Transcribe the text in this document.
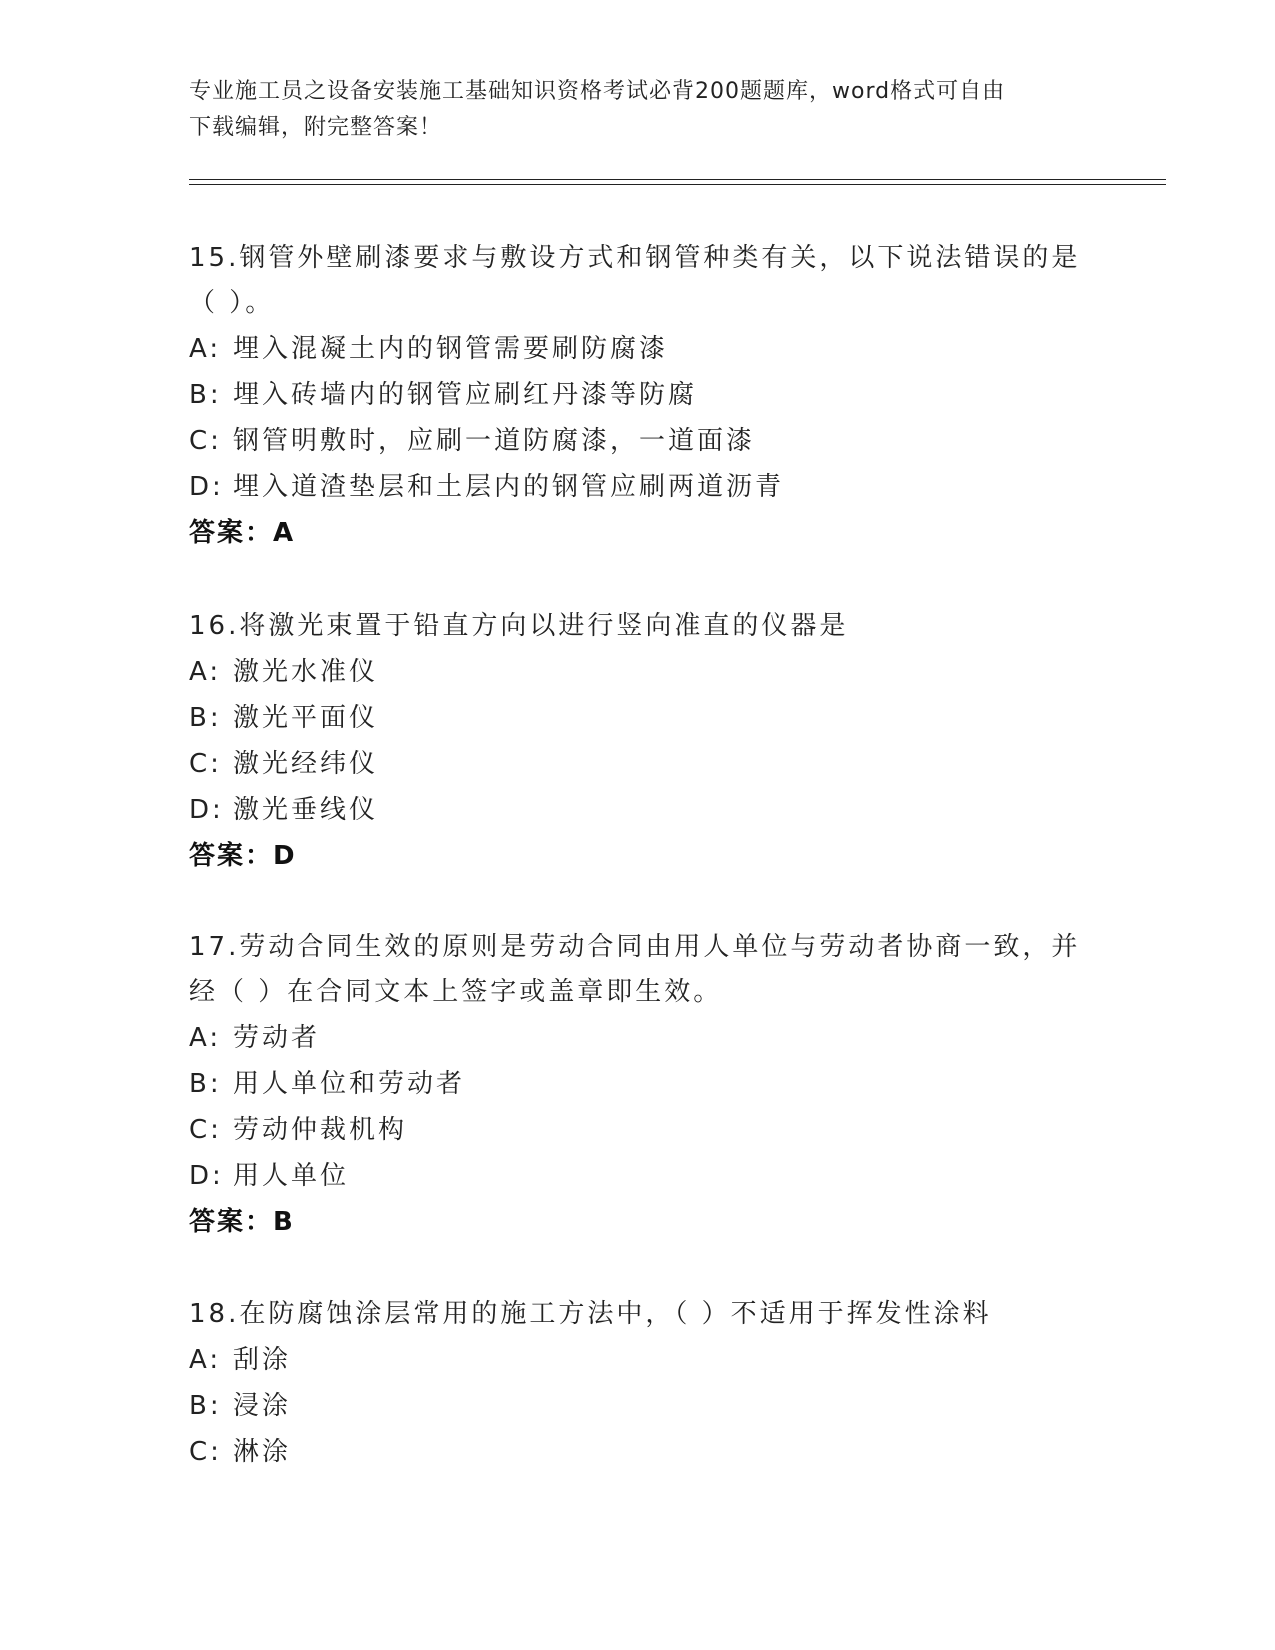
专业施工员之设备安装施工基础知识资格考试必背200题题库，word格式可自由
下载编辑，附完整答案！

15.钢管外壁刷漆要求与敷设方式和钢管种类有关，以下说法错误的是

（ ）。

A: 埋入混凝土内的钢管需要刷防腐漆

B: 埋入砖墙内的钢管应刷红丹漆等防腐

C: 钢管明敷时，应刷一道防腐漆，一道面漆

D: 埋入道渣垫层和土层内的钢管应刷两道沥青

答案：A

16.将激光束置于铅直方向以进行竖向准直的仪器是

A: 激光水准仪

B: 激光平面仪

C: 激光经纬仪

D: 激光垂线仪

答案：D

17.劳动合同生效的原则是劳动合同由用人单位与劳动者协商一致，并

经（ ）在合同文本上签字或盖章即生效。

A: 劳动者

B: 用人单位和劳动者

C: 劳动仲裁机构

D: 用人单位

答案：B

18.在防腐蚀涂层常用的施工方法中，（ ）不适用于挥发性涂料

A: 刮涂

B: 浸涂

C: 淋涂
